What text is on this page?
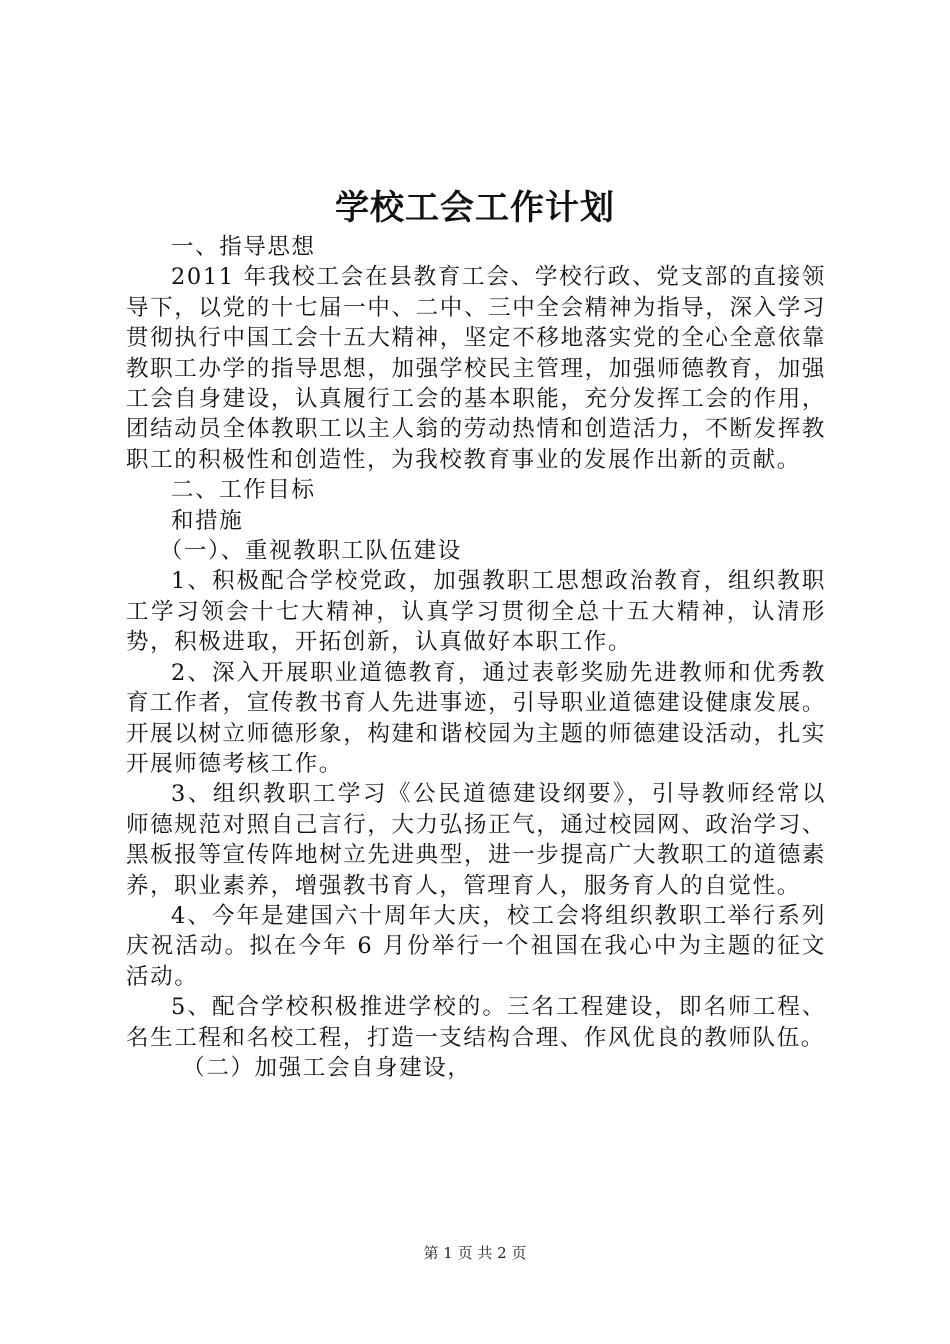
学校工会工作计划

一、指导思想

2011 年我校工会在县教育工会、学校行政、党支部的直接领导下，以党的十七届一中、二中、三中全会精神为指导，深入学习贯彻执行中国工会十五大精神，坚定不移地落实党的全心全意依靠教职工办学的指导思想，加强学校民主管理，加强师德教育，加强工会自身建设，认真履行工会的基本职能，充分发挥工会的作用，团结动员全体教职工以主人翁的劳动热情和创造活力，不断发挥教职工的积极性和创造性，为我校教育事业的发展作出新的贡献。

二、工作目标

和措施

（一）、重视教职工队伍建设

1、积极配合学校党政，加强教职工思想政治教育，组织教职工学习领会十七大精神，认真学习贯彻全总十五大精神，认清形势，积极进取，开拓创新，认真做好本职工作。

2、深入开展职业道德教育，通过表彰奖励先进教师和优秀教育工作者，宣传教书育人先进事迹，引导职业道德建设健康发展。开展以树立师德形象，构建和谐校园为主题的师德建设活动，扎实开展师德考核工作。

3、组织教职工学习《公民道德建设纲要》，引导教师经常以师德规范对照自己言行，大力弘扬正气，通过校园网、政治学习、黑板报等宣传阵地树立先进典型，进一步提高广大教职工的道德素养，职业素养，增强教书育人，管理育人，服务育人的自觉性。

4、今年是建国六十周年大庆，校工会将组织教职工举行系列庆祝活动。拟在今年 6 月份举行一个祖国在我心中为主题的征文活动。

5、配合学校积极推进学校的。三名工程建设，即名师工程、名生工程和名校工程，打造一支结构合理、作风优良的教师队伍。

（二）加强工会自身建设，

第 1 页 共 2 页
